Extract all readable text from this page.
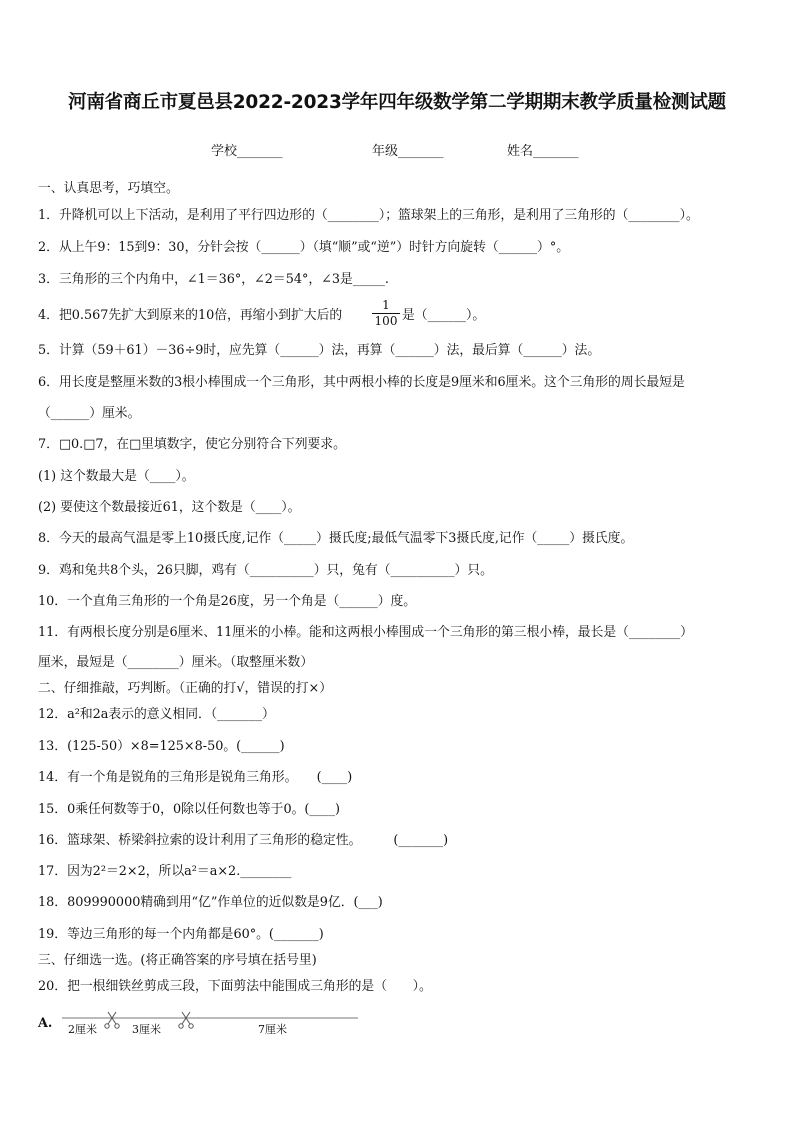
河南省商丘市夏邑县2022-2023学年四年级数学第二学期期末教学质量检测试题
学校_______	年级_______	姓名_______
一、认真思考，巧填空。
1．升降机可以上下活动，是利用了平行四边形的（________）；篮球架上的三角形，是利用了三角形的（________）。
2．从上午9：15到9：30，分针会按（______）（填“顺”或“逆”）时针方向旋转（______）°。
3．三角形的三个内角中，∠1＝36°，∠2＝54°，∠3是_____.
4．把0.567先扩大到原来的10倍，再缩小到扩大后的 $\frac{1}{100}$ 是（______）。
5．计算（59＋61）－36÷9时，应先算（______）法，再算（______）法，最后算（______）法。
6．用长度是整厘米数的3根小棒围成一个三角形，其中两根小棒的长度是9厘米和6厘米。这个三角形的周长最短是
（______）厘米。
7．□0.□7，在□里填数字，使它分别符合下列要求。
(1) 这个数最大是（____）。
(2) 要使这个数最接近61，这个数是（____）。
8．今天的最高气温是零上10摄氏度,记作（_____）摄氏度;最低气温零下3摄氏度,记作（_____）摄氏度。
9．鸡和兔共8个头，26只脚，鸡有（__________）只，兔有（__________）只。
10．一个直角三角形的一个角是26度，另一个角是（______）度。
11．有两根长度分别是6厘米、11厘米的小棒。能和这两根小棒围成一个三角形的第三根小棒，最长是（________）
厘米，最短是（________）厘米。（取整厘米数）
二、仔细推敲，巧判断。（正确的打√，错误的打×）
12．a²和2a表示的意义相同．（_______）
13．(125-50）×8=125×8-50。(______)
14．有一个角是锐角的三角形是锐角三角形。　　(____)
15．0乘任何数等于0，0除以任何数也等于0。(____)
16．篮球架、桥梁斜拉索的设计利用了三角形的稳定性。　　　(_______)
17．因为2²＝2×2，所以a²＝a×2.________
18．809990000精确到用“亿”作单位的近似数是9亿．(___)
19．等边三角形的每一个内角都是60°。(_______)
三、仔细选一选。(将正确答案的序号填在括号里)
20．把一根细铁丝剪成三段，下面剪法中能围成三角形的是（　　）。
A. 2厘米	3厘米	7厘米
